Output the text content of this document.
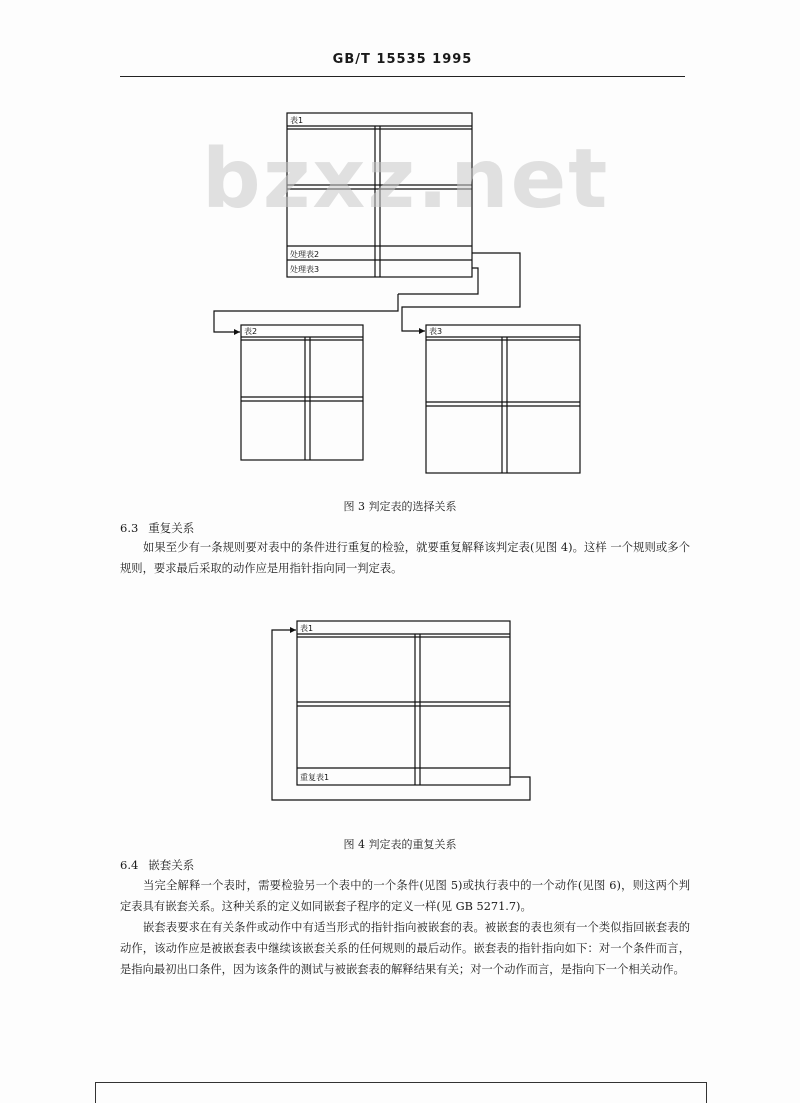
GB/T 15535 1995
表1
处理表2
处理表3
表2	表3
bzxz.net
图 3 判定表的选择关系
6.3 重复关系
如果至少有一条规则要对表中的条件进行重复的检验，就要重复解释该判定表(见图 4)。这样 一个规则或多个规则，要求最后采取的动作应是用指针指向同一判定表。
表1
重复表1
图 4 判定表的重复关系
6.4 嵌套关系
当完全解释一个表时，需要检验另一个表中的一个条件(见图 5)或执行表中的一个动作(见图 6)，则这两个判定表具有嵌套关系。这种关系的定义如同嵌套子程序的定义一样(见 GB 5271.7)。
嵌套表要求在有关条件或动作中有适当形式的指针指向被嵌套的表。被嵌套的表也须有一个类似指回嵌套表的动作，该动作应是被嵌套表中继续该嵌套关系的任何规则的最后动作。嵌套表的指针指向如下：对一个条件而言，是指向最初出口条件，因为该条件的测试与被嵌套表的解释结果有关；对一个动作而言，是指向下一个相关动作。
